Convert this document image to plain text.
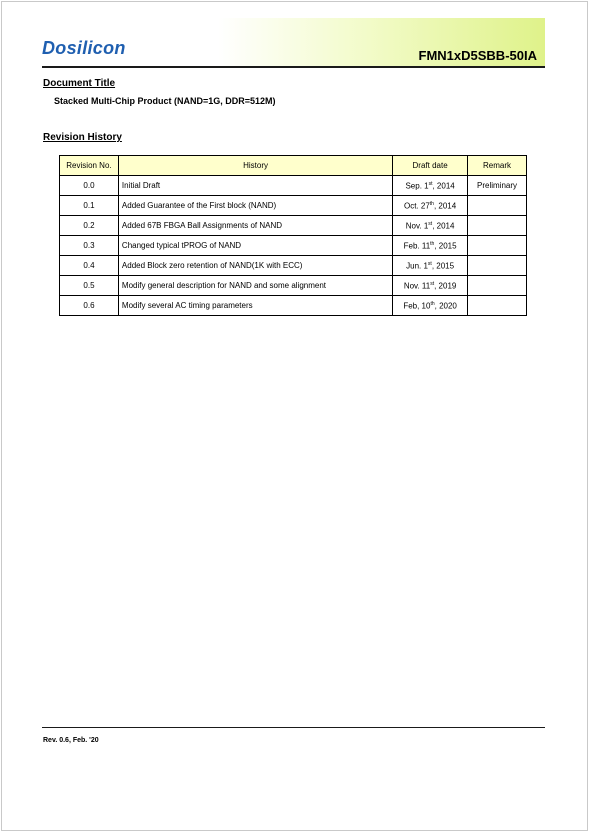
Dosilicon	FMN1xD5SBB-50IA
Document Title
Stacked Multi-Chip Product (NAND=1G, DDR=512M)
Revision History
Revision No.	History	Draft date	Remark
0.0	Initial Draft	Sep. 1st, 2014	Preliminary
0.1	Added Guarantee of the First block (NAND)	Oct. 27th, 2014	
0.2	Added 67B FBGA Ball Assignments of NAND	Nov. 1st, 2014	
0.3	Changed typical tPROG of NAND	Feb. 11th, 2015	
0.4	Added Block zero retention of NAND(1K with ECC)	Jun. 1st, 2015	
0.5	Modify general description for NAND and some alignment	Nov. 11st, 2019	
0.6	Modify several AC timing parameters	Feb, 10th, 2020	
Rev. 0.6, Feb. '20
